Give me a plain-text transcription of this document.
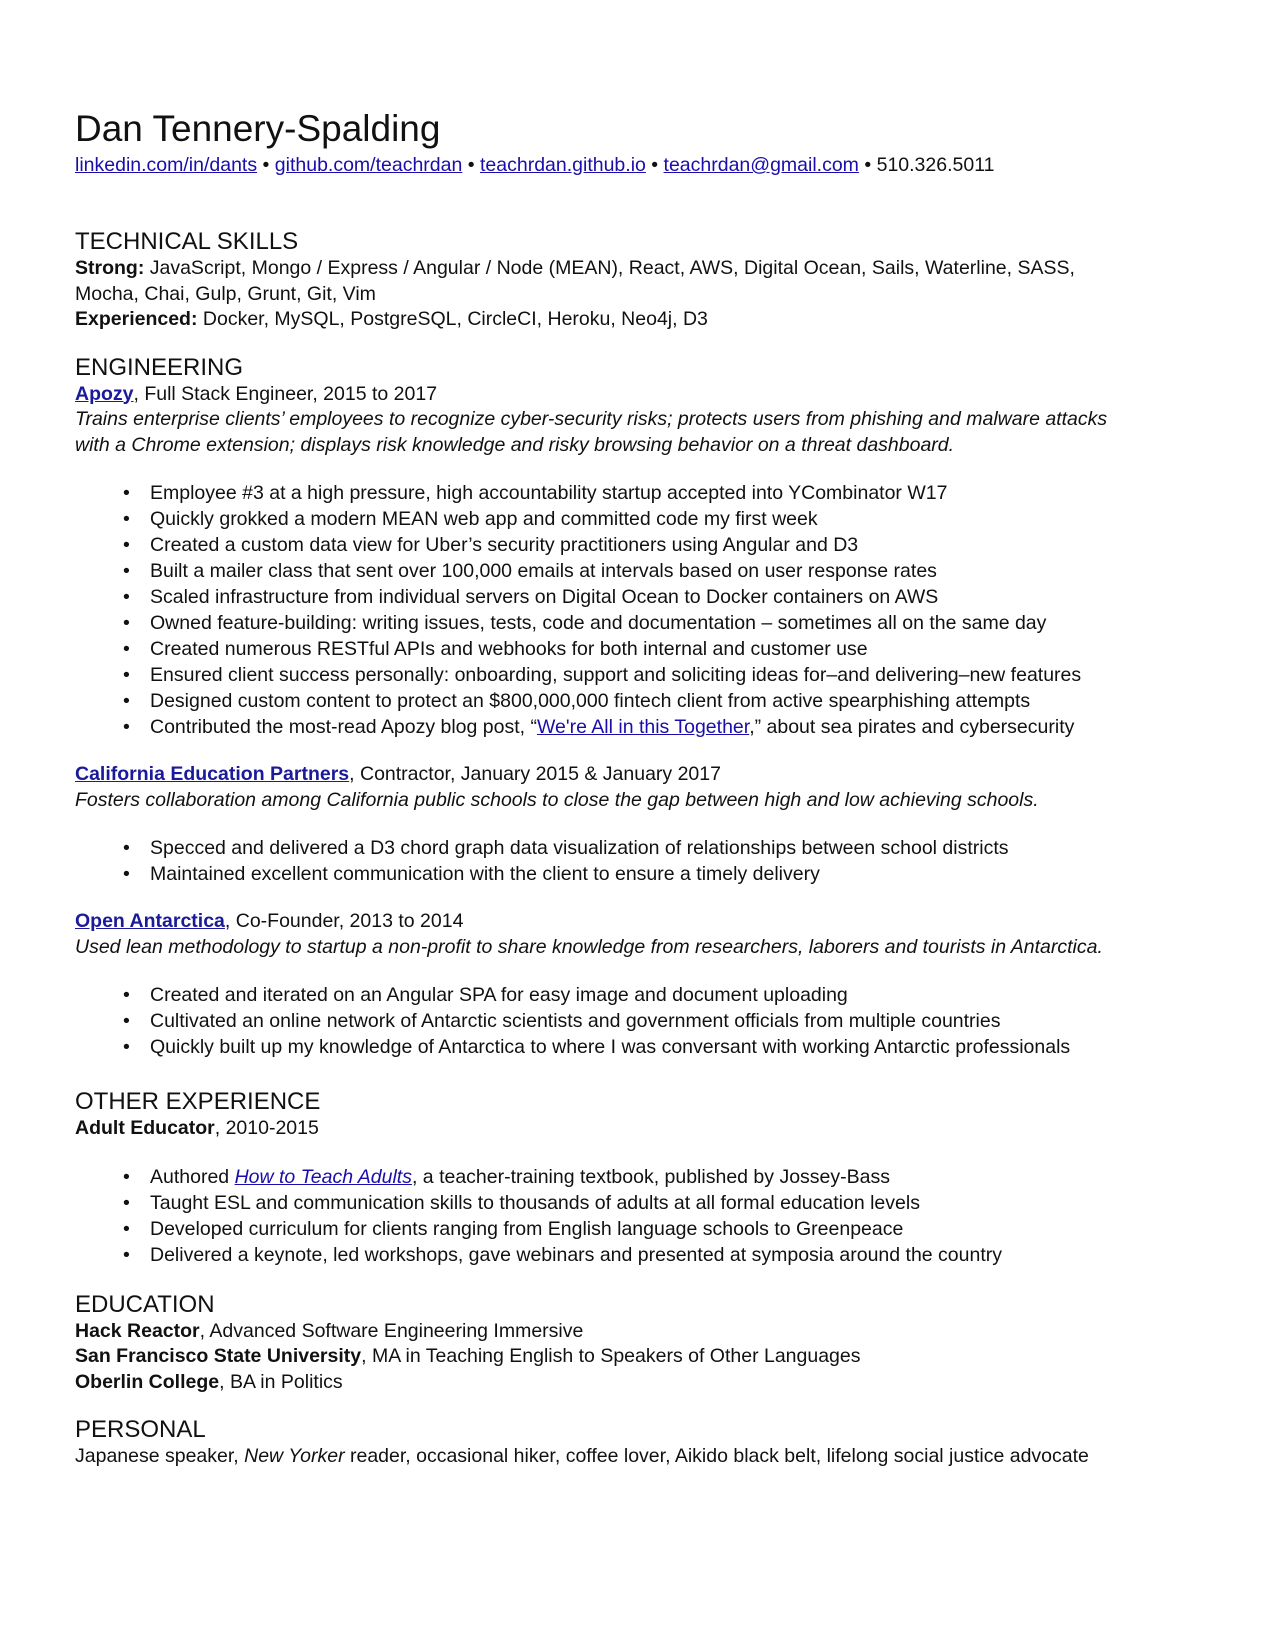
Dan Tennery-Spalding

linkedin.com/in/dants • github.com/teachrdan • teachrdan.github.io • teachrdan@gmail.com • 510.326.5011

TECHNICAL SKILLS

Strong: JavaScript, Mongo / Express / Angular / Node (MEAN), React, AWS, Digital Ocean, Sails, Waterline, SASS,

Mocha, Chai, Gulp, Grunt, Git, Vim

Experienced: Docker, MySQL, PostgreSQL, CircleCI, Heroku, Neo4j, D3

ENGINEERING

Apozy, Full Stack Engineer, 2015 to 2017

Trains enterprise clients’ employees to recognize cyber-security risks; protects users from phishing and malware attacks

with a Chrome extension; displays risk knowledge and risky browsing behavior on a threat dashboard.

• Employee #3 at a high pressure, high accountability startup accepted into YCombinator W17
• Quickly grokked a modern MEAN web app and committed code my first week
• Created a custom data view for Uber’s security practitioners using Angular and D3
• Built a mailer class that sent over 100,000 emails at intervals based on user response rates
• Scaled infrastructure from individual servers on Digital Ocean to Docker containers on AWS
• Owned feature-building: writing issues, tests, code and documentation – sometimes all on the same day
• Created numerous RESTful APIs and webhooks for both internal and customer use
• Ensured client success personally: onboarding, support and soliciting ideas for–and delivering–new features
• Designed custom content to protect an $800,000,000 fintech client from active spearphishing attempts
• Contributed the most-read Apozy blog post, “We're All in this Together,” about sea pirates and cybersecurity

California Education Partners, Contractor, January 2015 & January 2017

Fosters collaboration among California public schools to close the gap between high and low achieving schools.

• Specced and delivered a D3 chord graph data visualization of relationships between school districts
• Maintained excellent communication with the client to ensure a timely delivery

Open Antarctica, Co-Founder, 2013 to 2014

Used lean methodology to startup a non-profit to share knowledge from researchers, laborers and tourists in Antarctica.

• Created and iterated on an Angular SPA for easy image and document uploading
• Cultivated an online network of Antarctic scientists and government officials from multiple countries
• Quickly built up my knowledge of Antarctica to where I was conversant with working Antarctic professionals
OTHER EXPERIENCE

Adult Educator, 2010-2015

• Authored How to Teach Adults, a teacher-training textbook, published by Jossey-Bass
• Taught ESL and communication skills to thousands of adults at all formal education levels
• Developed curriculum for clients ranging from English language schools to Greenpeace
• Delivered a keynote, led workshops, gave webinars and presented at symposia around the country
EDUCATION

Hack Reactor, Advanced Software Engineering Immersive

San Francisco State University, MA in Teaching English to Speakers of Other Languages

Oberlin College, BA in Politics

PERSONAL

Japanese speaker, New Yorker reader, occasional hiker, coffee lover, Aikido black belt, lifelong social justice advocate
